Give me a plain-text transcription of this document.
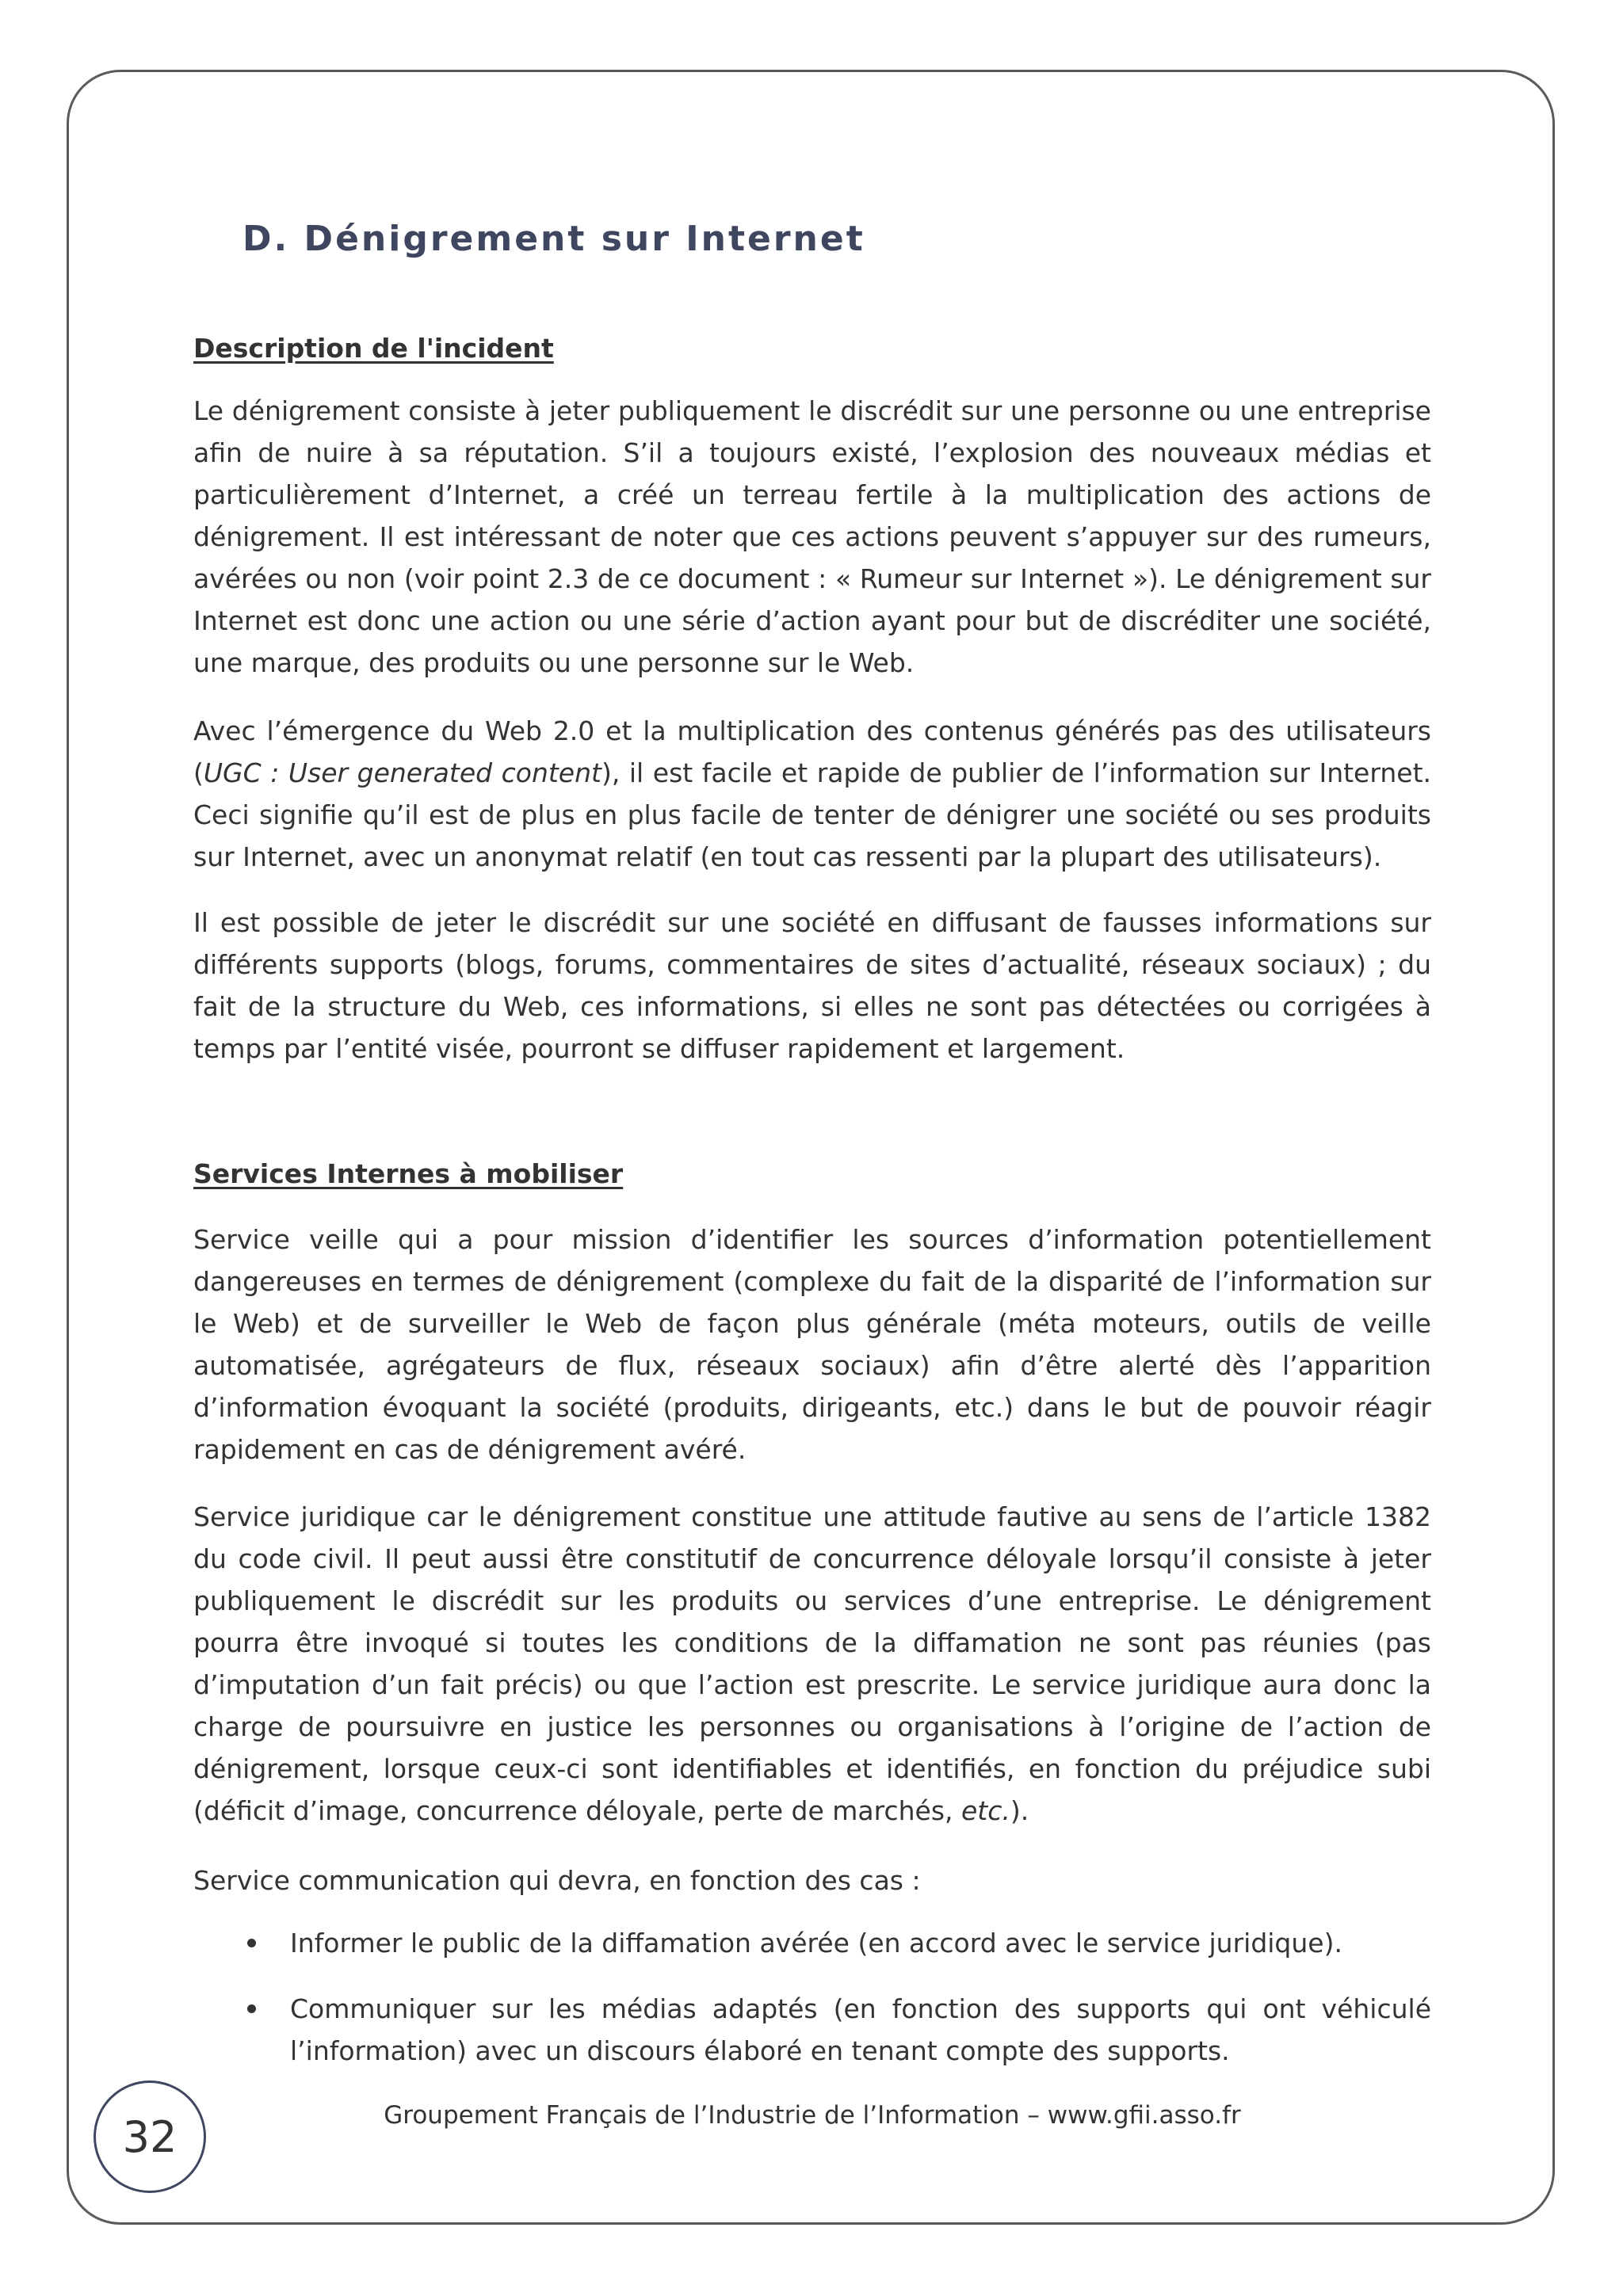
D. Dénigrement sur Internet
Description de l'incident

Le dénigrement consiste à jeter publiquement le discrédit sur une personne ou une entreprise afin de nuire à sa réputation. S’il a toujours existé, l’explosion des nouveaux médias et particulièrement d’Internet, a créé un terreau fertile à la multiplication des actions de dénigrement. Il est intéressant de noter que ces actions peuvent s’appuyer sur des rumeurs, avérées ou non (voir point 2.3 de ce document : « Rumeur sur Internet »). Le dénigrement sur Internet est donc une action ou une série d’action ayant pour but de discréditer une société, une marque, des produits ou une personne sur le Web.

Avec l’émergence du Web 2.0 et la multiplication des contenus générés pas des utilisateurs (UGC : User generated content), il est facile et rapide de publier de l’information sur Internet. Ceci signifie qu’il est de plus en plus facile de tenter de dénigrer une société ou ses produits sur Internet, avec un anonymat relatif (en tout cas ressenti par la plupart des utilisateurs).

Il est possible de jeter le discrédit sur une société en diffusant de fausses informations sur différents supports (blogs, forums, commentaires de sites d’actualité, réseaux sociaux) ; du fait de la structure du Web, ces informations, si elles ne sont pas détectées ou corrigées à temps par l’entité visée, pourront se diffuser rapidement et largement.

Services Internes à mobiliser

Service veille qui a pour mission d’identifier les sources d’information potentiellement dangereuses en termes de dénigrement (complexe du fait de la disparité de l’information sur le Web) et de surveiller le Web de façon plus générale (méta moteurs, outils de veille automatisée, agrégateurs de flux, réseaux sociaux) afin d’être alerté dès l’apparition d’information évoquant la société (produits, dirigeants, etc.) dans le but de pouvoir réagir rapidement en cas de dénigrement avéré.

Service juridique car le dénigrement constitue une attitude fautive au sens de l’article 1382 du code civil. Il peut aussi être constitutif de concurrence déloyale lorsqu’il consiste à jeter publiquement le discrédit sur les produits ou services d’une entreprise. Le dénigrement pourra être invoqué si toutes les conditions de la diffamation ne sont pas réunies (pas d’imputation d’un fait précis) ou que l’action est prescrite. Le service juridique aura donc la charge de poursuivre en justice les personnes ou organisations à l’origine de l’action de dénigrement, lorsque ceux-ci sont identifiables et identifiés, en fonction du préjudice subi (déficit d’image, concurrence déloyale, perte de marchés, etc.).

Service communication qui devra, en fonction des cas :

Informer le public de la diffamation avérée (en accord avec le service juridique).
Communiquer sur les médias adaptés (en fonction des supports qui ont véhiculé l’information) avec un discours élaboré en tenant compte des supports.
32	Groupement Français de l’Industrie de l’Information – www.gfii.asso.fr
